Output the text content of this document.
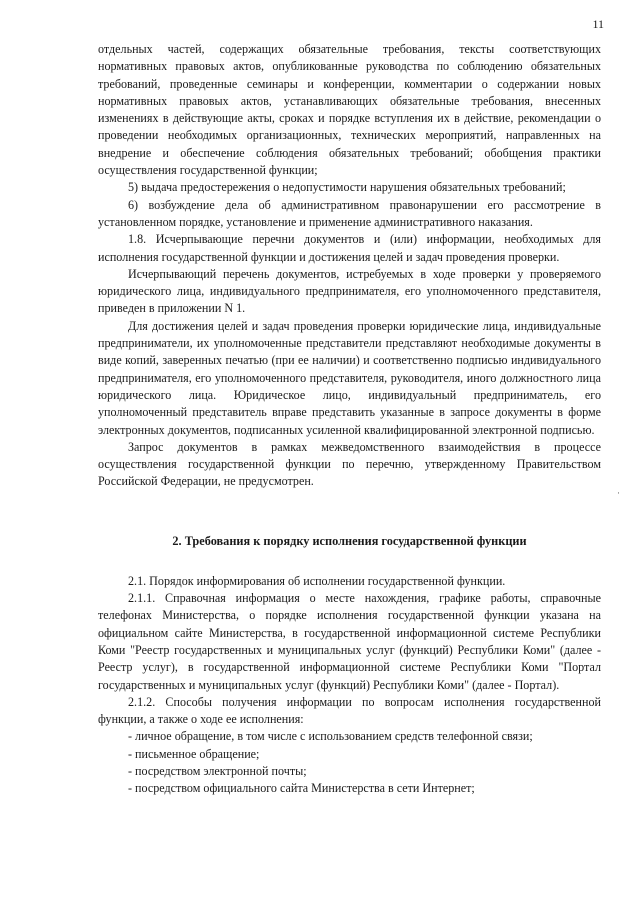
11

отдельных частей, содержащих обязательные требования, тексты соответствующих нормативных правовых актов, опубликованные руководства по соблюдению обязательных требований, проведенные семинары и конференции, комментарии о содержании новых нормативных правовых актов, устанавливающих обязательные требования, внесенных изменениях в действующие акты, сроках и порядке вступления их в действие, рекомендации о проведении необходимых организационных, технических мероприятий, направленных на внедрение и обеспечение соблюдения обязательных требований; обобщения практики осуществления государственной функции;

5) выдача предостережения о недопустимости нарушения обязательных требований;

6) возбуждение дела об административном правонарушении его рассмотрение в установленном порядке, установление и применение административного наказания.

1.8. Исчерпывающие перечни документов и (или) информации, необходимых для исполнения государственной функции и достижения целей и задач проведения проверки.

Исчерпывающий перечень документов, истребуемых в ходе проверки у проверяемого юридического лица, индивидуального предпринимателя, его уполномоченного представителя, приведен в приложении N 1.

Для достижения целей и задач проведения проверки юридические лица, индивидуальные предприниматели, их уполномоченные представители представляют необходимые документы в виде копий, заверенных печатью (при ее наличии) и соответственно подписью индивидуального предпринимателя, его уполномоченного представителя, руководителя, иного должностного лица юридического лица. Юридическое лицо, индивидуальный предприниматель, его уполномоченный представитель вправе представить указанные в запросе документы в форме электронных документов, подписанных усиленной квалифицированной электронной подписью.

Запрос документов в рамках межведомственного взаимодействия в процессе осуществления государственной функции по перечню, утвержденному Правительством Российской Федерации, не предусмотрен.

2. Требования к порядку исполнения государственной функции

2.1. Порядок информирования об исполнении государственной функции.

2.1.1. Справочная информация о месте нахождения, графике работы, справочные телефонах Министерства, о порядке исполнения государственной функции указана на официальном сайте Министерства, в государственной информационной системе Республики Коми "Реестр государственных и муниципальных услуг (функций) Республики Коми" (далее - Реестр услуг), в государственной информационной системе Республики Коми "Портал государственных и муниципальных услуг (функций) Республики Коми" (далее - Портал).

2.1.2. Способы получения информации по вопросам исполнения государственной функции, а также о ходе ее исполнения:

- личное обращение, в том числе с использованием средств телефонной связи;

- письменное обращение;

- посредством электронной почты;

- посредством официального сайта Министерства в сети Интернет;

·
